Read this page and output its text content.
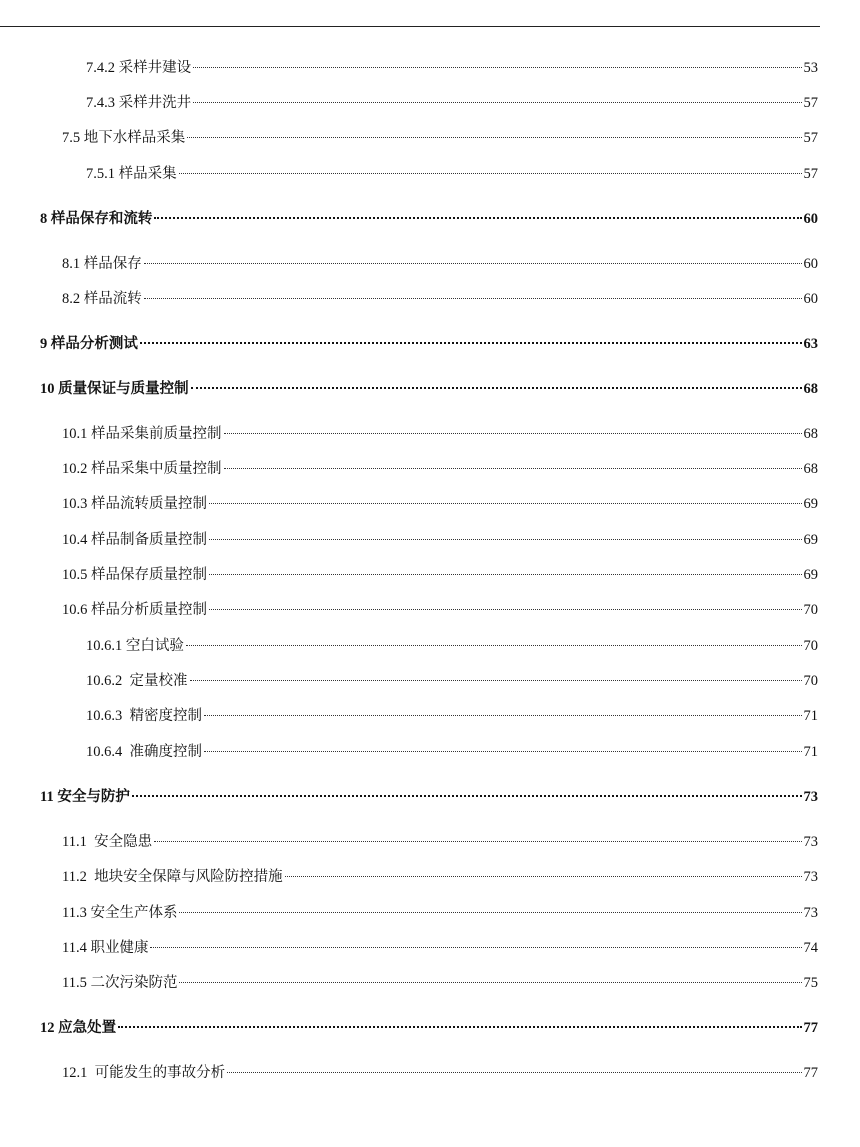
7.4.2 采样井建设	53
7.4.3 采样井洗井	57
7.5 地下水样品采集	57
7.5.1 样品采集	57
8 样品保存和流转	60
8.1 样品保存	60
8.2 样品流转	60
9 样品分析测试	63
10 质量保证与质量控制	68
10.1 样品采集前质量控制	68
10.2 样品采集中质量控制	68
10.3 样品流转质量控制	69
10.4 样品制备质量控制	69
10.5 样品保存质量控制	69
10.6 样品分析质量控制	70
10.6.1 空白试验	70
10.6.2  定量校准	70
10.6.3  精密度控制	71
10.6.4  准确度控制	71
11 安全与防护	73
11.1  安全隐患	73
11.2  地块安全保障与风险防控措施	73
11.3 安全生产体系	73
11.4 职业健康	74
11.5 二次污染防范	75
12 应急处置	77
12.1  可能发生的事故分析	77
